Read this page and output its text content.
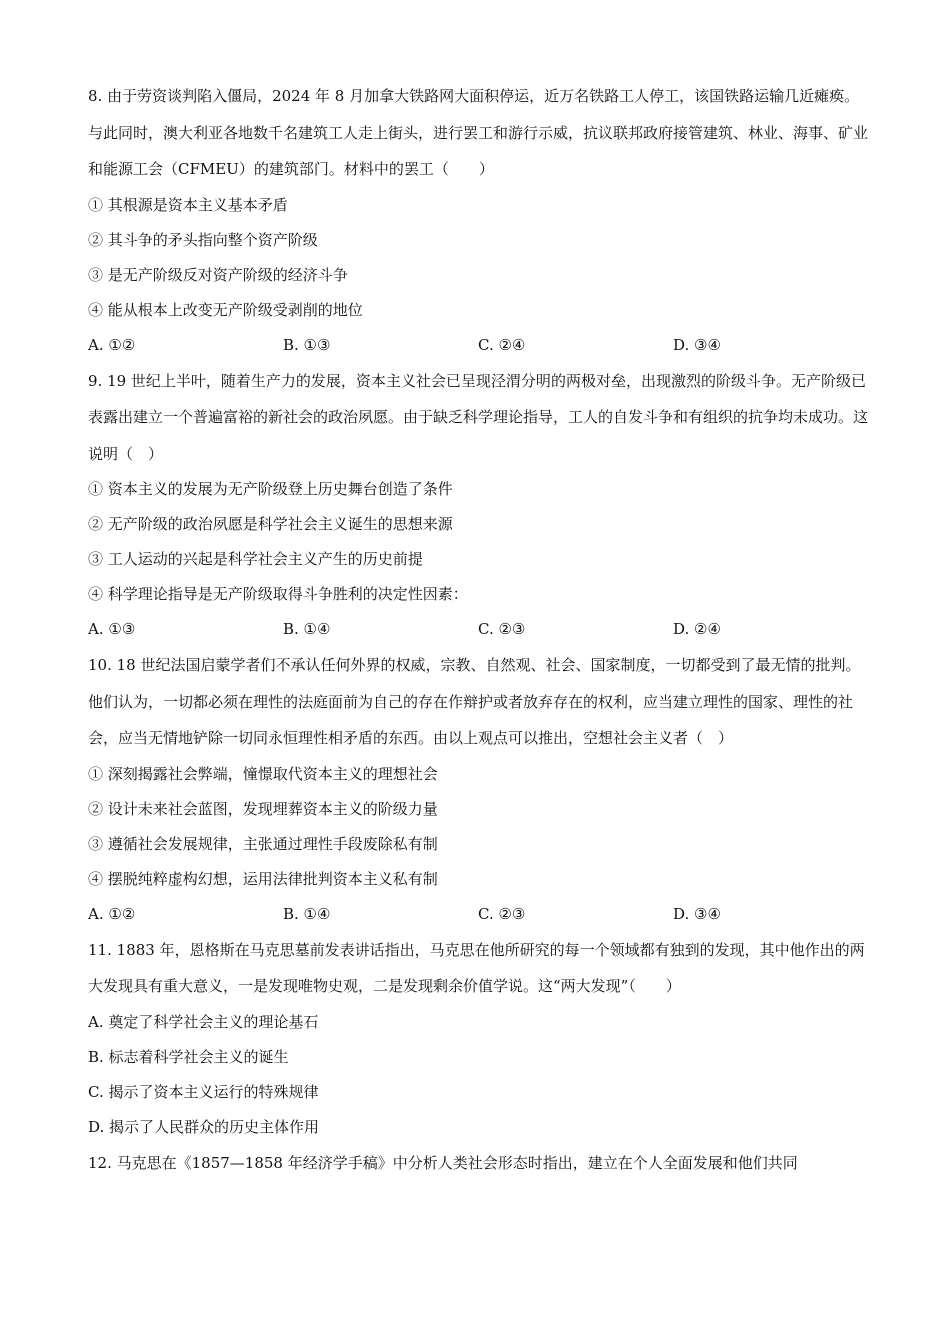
8. 由于劳资谈判陷入僵局，2024 年 8 月加拿大铁路网大面积停运，近万名铁路工人停工，该国铁路运输几近瘫痪。与此同时，澳大利亚各地数千名建筑工人走上街头，进行罢工和游行示威，抗议联邦政府接管建筑、林业、海事、矿业和能源工会（CFMEU）的建筑部门。材料中的罢工（　　）

① 其根源是资本主义基本矛盾

② 其斗争的矛头指向整个资产阶级

③ 是无产阶级反对资产阶级的经济斗争

④ 能从根本上改变无产阶级受剥削的地位

A. ①②	B. ①③	C. ②④	D. ③④

9. 19 世纪上半叶，随着生产力的发展，资本主义社会已呈现泾渭分明的两极对垒，出现激烈的阶级斗争。无产阶级已表露出建立一个普遍富裕的新社会的政治夙愿。由于缺乏科学理论指导，工人的自发斗争和有组织的抗争均未成功。这说明（　）

① 资本主义的发展为无产阶级登上历史舞台创造了条件

② 无产阶级的政治夙愿是科学社会主义诞生的思想来源

③ 工人运动的兴起是科学社会主义产生的历史前提

④ 科学理论指导是无产阶级取得斗争胜利的决定性因素：

A. ①③	B. ①④	C. ②③	D. ②④

10. 18 世纪法国启蒙学者们不承认任何外界的权威，宗教、自然观、社会、国家制度，一切都受到了最无情的批判。他们认为，一切都必须在理性的法庭面前为自己的存在作辩护或者放弃存在的权利，应当建立理性的国家、理性的社会，应当无情地铲除一切同永恒理性相矛盾的东西。由以上观点可以推出，空想社会主义者（　）

① 深刻揭露社会弊端，憧憬取代资本主义的理想社会

② 设计未来社会蓝图，发现埋葬资本主义的阶级力量

③ 遵循社会发展规律，主张通过理性手段废除私有制

④ 摆脱纯粹虚构幻想，运用法律批判资本主义私有制

A. ①②	B. ①④	C. ②③	D. ③④

11. 1883 年，恩格斯在马克思墓前发表讲话指出，马克思在他所研究的每一个领域都有独到的发现，其中他作出的两大发现具有重大意义，一是发现唯物史观，二是发现剩余价值学说。这“两大发现”（　　）

A. 奠定了科学社会主义的理论基石

B. 标志着科学社会主义的诞生

C. 揭示了资本主义运行的特殊规律

D. 揭示了人民群众的历史主体作用

12. 马克思在《1857—1858 年经济学手稿》中分析人类社会形态时指出，建立在个人全面发展和他们共同
